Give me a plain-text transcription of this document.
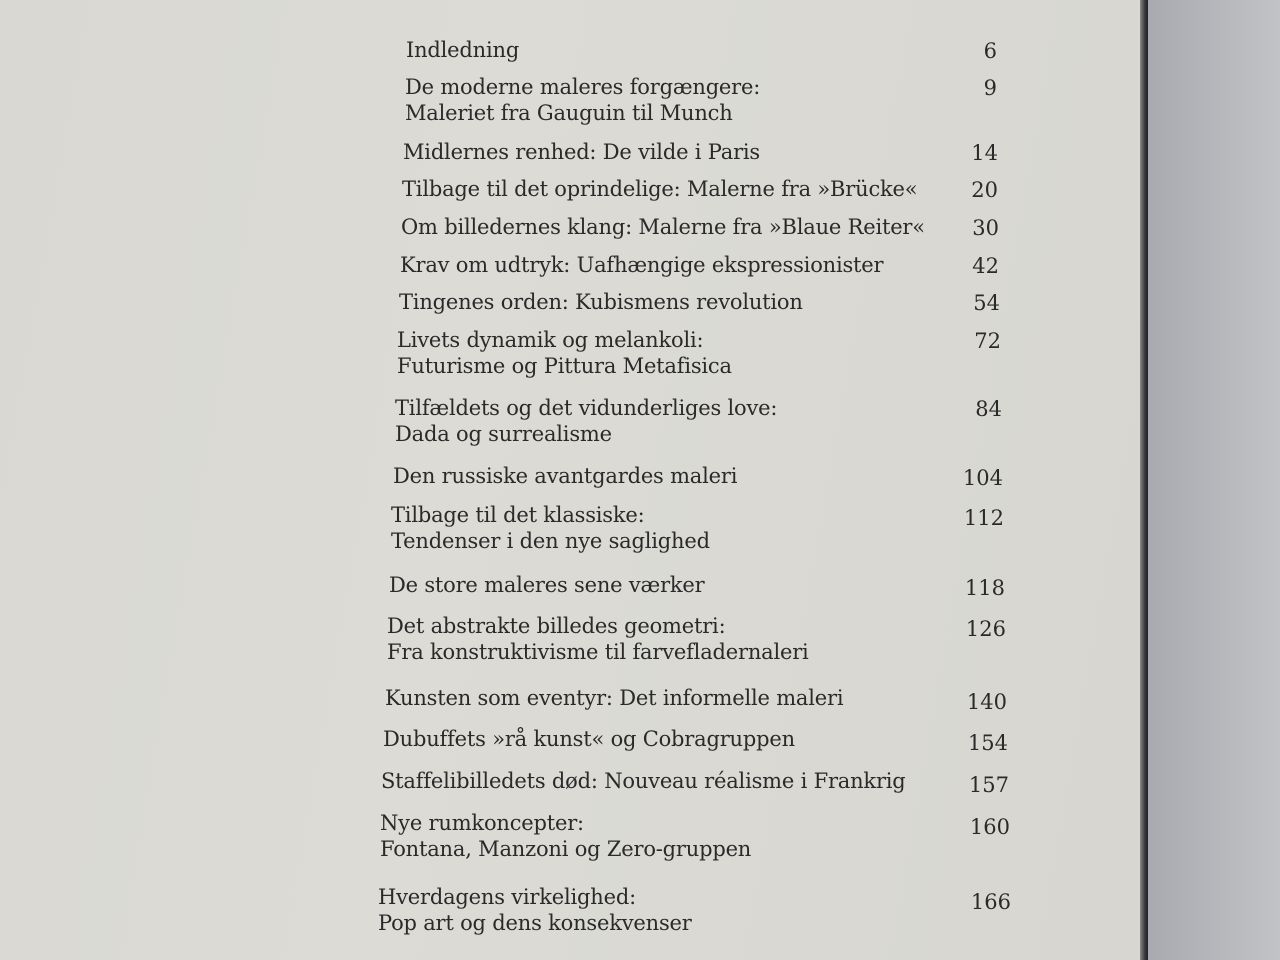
Indledning	6
De moderne maleres forgængere:
Maleriet fra Gauguin til Munch
9
Midlernes renhed: De vilde i Paris	14
Tilbage til det oprindelige: Malerne fra »Brücke«	20
Om billedernes klang: Malerne fra »Blaue Reiter«	30
Krav om udtryk: Uafhængige ekspressionister	42
Tingenes orden: Kubismens revolution	54
Livets dynamik og melankoli:
Futurisme og Pittura Metafisica
72
Tilfældets og det vidunderliges love:
Dada og surrealisme
84
Den russiske avantgardes maleri	104
Tilbage til det klassiske:
Tendenser i den nye saglighed
112
De store maleres sene værker	118
Det abstrakte billedes geometri:
Fra konstruktivisme til farvefladernaleri
126
Kunsten som eventyr: Det informelle maleri	140
Dubuffets »rå kunst« og Cobragruppen	154
Staffelibilledets død: Nouveau réalisme i Frankrig	157
Nye rumkoncepter:
Fontana, Manzoni og Zero-gruppen
160
Hverdagens virkelighed:
Pop art og dens konsekvenser
166
